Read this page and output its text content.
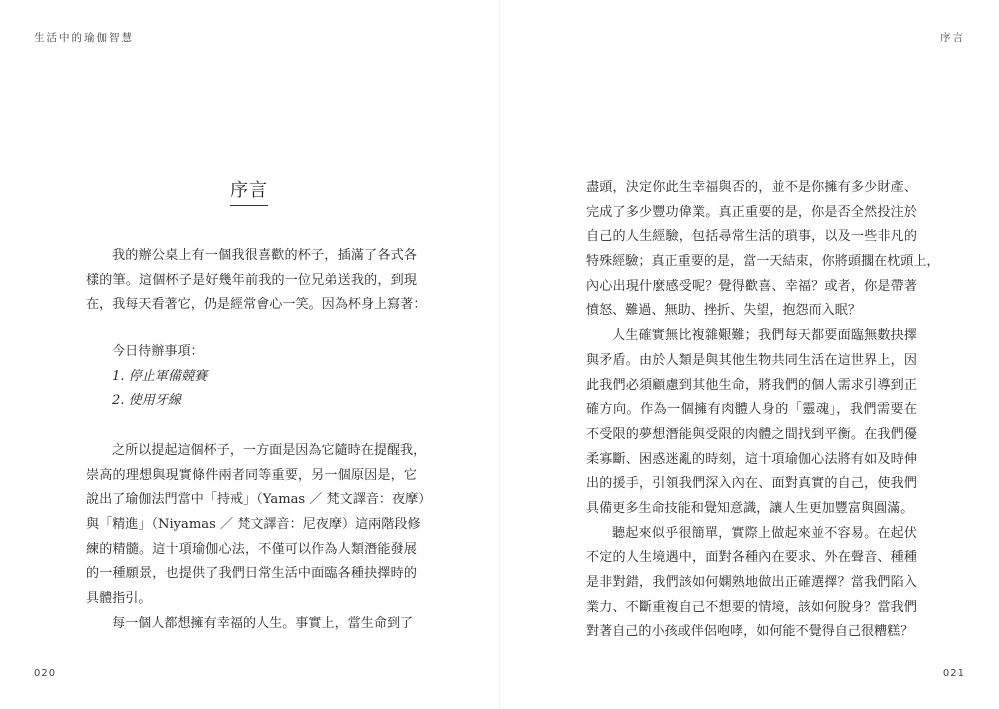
生活中的瑜伽智慧
序言
我的辦公桌上有一個我很喜歡的杯子，插滿了各式各
樣的筆。這個杯子是好幾年前我的一位兄弟送我的，到現
在，我每天看著它，仍是經常會心一笑。因為杯身上寫著：
今日待辦事項：
1. 停止軍備競賽
2. 使用牙線
之所以提起這個杯子，一方面是因為它隨時在提醒我，
崇高的理想與現實條件兩者同等重要，另一個原因是，它
說出了瑜伽法門當中「持戒」（Yamas ／ 梵文譯音：夜摩）
與「精進」（Niyamas ／ 梵文譯音：尼夜摩）這兩階段修
練的精髓。這十項瑜伽心法，不僅可以作為人類潛能發展
的一種願景，也提供了我們日常生活中面臨各種抉擇時的
具體指引。
每一個人都想擁有幸福的人生。事實上，當生命到了
020
序言
021
盡頭，決定你此生幸福與否的，並不是你擁有多少財產、
完成了多少豐功偉業。真正重要的是，你是否全然投注於
自己的人生經驗，包括尋常生活的瑣事，以及一些非凡的
特殊經驗；真正重要的是，當一天結束，你將頭擱在枕頭上，
內心出現什麼感受呢？覺得歡喜、幸福？或者，你是帶著
憤怒、難過、無助、挫折、失望，抱怨而入眠？
人生確實無比複雜艱難；我們每天都要面臨無數抉擇
與矛盾。由於人類是與其他生物共同生活在這世界上，因
此我們必須顧慮到其他生命，將我們的個人需求引導到正
確方向。作為一個擁有肉體人身的「靈魂」，我們需要在
不受限的夢想潛能與受限的肉體之間找到平衡。在我們優
柔寡斷、困惑迷亂的時刻，這十項瑜伽心法將有如及時伸
出的援手，引領我們深入內在、面對真實的自己，使我們
具備更多生命技能和覺知意識，讓人生更加豐富與圓滿。
聽起來似乎很簡單，實際上做起來並不容易。在起伏
不定的人生境遇中，面對各種內在要求、外在聲音、種種
是非對錯，我們該如何嫻熟地做出正確選擇？當我們陷入
業力、不斷重複自己不想要的情境，該如何脫身？當我們
對著自己的小孩或伴侶咆哮，如何能不覺得自己很糟糕？
